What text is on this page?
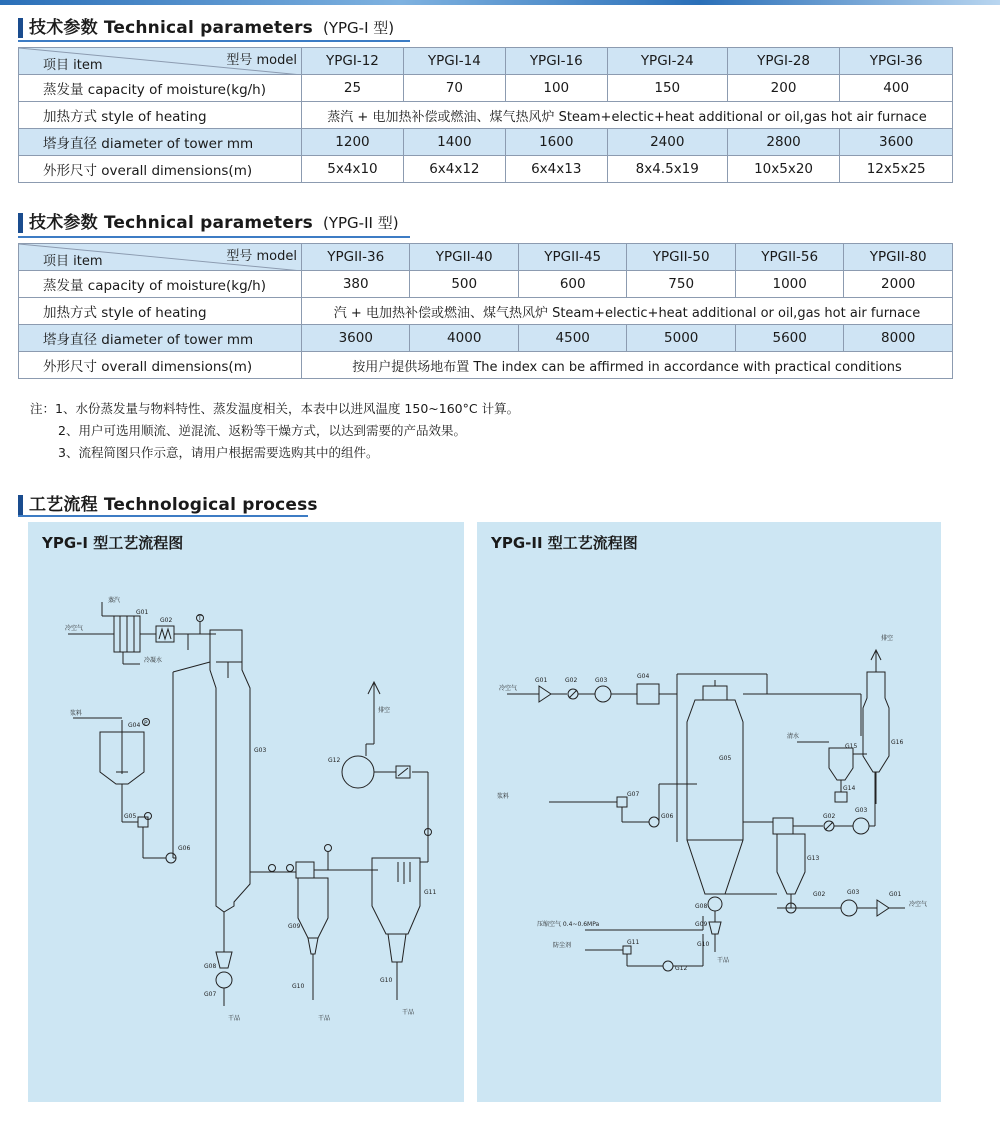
技术参数 Technical parameters (YPG-I 型)
型号 model
项目 item	YPGI-12	YPGI-14	YPGI-16	YPGI-24	YPGI-28	YPGI-36
蒸发量 capacity of moisture(kg/h)	25	70	100	150	200	400
加热方式 style of heating	蒸汽 + 电加热补偿或燃油、煤气热风炉 Steam+electic+heat additional or oil,gas hot air furnace					
塔身直径 diameter of tower mm	1200	1400	1600	2400	2800	3600
外形尺寸 overall dimensions(m)	5x4x10	6x4x12	6x4x13	8x4.5x19	10x5x20	12x5x25
技术参数 Technical parameters (YPG-II 型)
型号 model
项目 item	YPGII-36	YPGII-40	YPGII-45	YPGII-50	YPGII-56	YPGII-80
蒸发量 capacity of moisture(kg/h)	380	500	600	750	1000	2000
加热方式 style of heating	汽 + 电加热补偿或燃油、煤气热风炉 Steam+electic+heat additional or oil,gas hot air furnace					
塔身直径 diameter of tower mm	3600	4000	4500	5000	5600	8000
外形尺寸 overall dimensions(m)	按用户提供场地布置 The index can be affirmed in accordance with practical conditions					
注：1、水份蒸发量与物料特性、蒸发温度相关，本表中以进风温度 150~160°C 计算。
2、用户可选用顺流、逆混流、返粉等干燥方式，以达到需要的产品效果。
3、流程简图只作示意，请用户根据需要选购其中的组件。
工艺流程 Technological process
蒸汽
冷空气
浆料
冷凝水
排空
干品	干品
干品
G01
G02
G03
G04
G05
G06
G07
G08
G09
G10
G10
G11
G12
T
P
YPG-I 型工艺流程图
冷空气
浆料
清水
排空
压缩空气 0.4~0.6MPa
防尘剂
干品
冷空气
G01	G02	G03
G04
G05
G06
G07
G08
G09
G10
G11
G12
G13
G14
G15
G16
G02
G03
G01
G02	G03
YPG-II 型工艺流程图
